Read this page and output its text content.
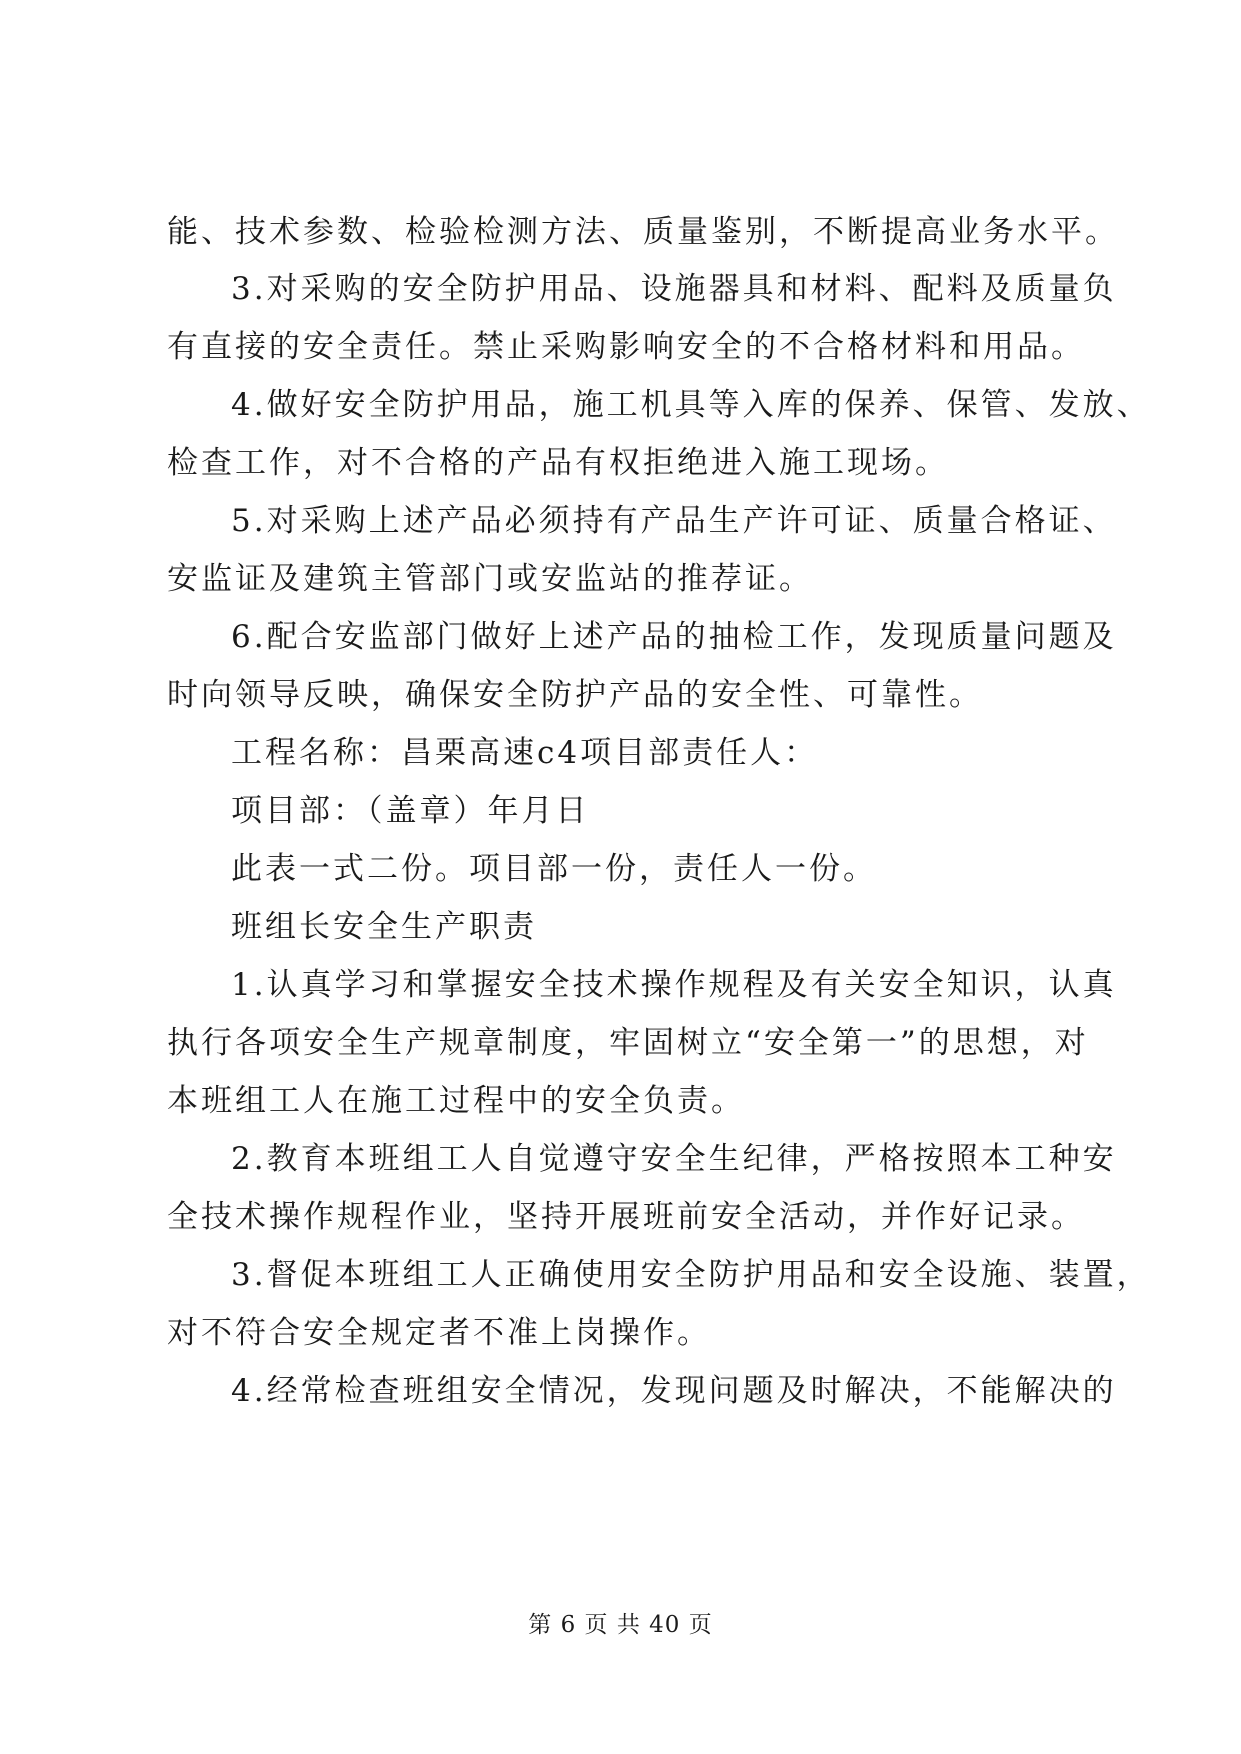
能、技术参数、检验检测方法、质量鉴别，不断提高业务水平。
3.对采购的安全防护用品、设施器具和材料、配料及质量负
有直接的安全责任。禁止采购影响安全的不合格材料和用品。
4.做好安全防护用品，施工机具等入库的保养、保管、发放、
检查工作，对不合格的产品有权拒绝进入施工现场。
5.对采购上述产品必须持有产品生产许可证、质量合格证、
安监证及建筑主管部门或安监站的推荐证。
6.配合安监部门做好上述产品的抽检工作，发现质量问题及
时向领导反映，确保安全防护产品的安全性、可靠性。
工程名称：昌栗高速c4项目部责任人：
项目部：（盖章）年月日
此表一式二份。项目部一份，责任人一份。
班组长安全生产职责
1.认真学习和掌握安全技术操作规程及有关安全知识，认真
执行各项安全生产规章制度，牢固树立“安全第一”的思想，对
本班组工人在施工过程中的安全负责。
2.教育本班组工人自觉遵守安全生纪律，严格按照本工种安
全技术操作规程作业，坚持开展班前安全活动，并作好记录。
3.督促本班组工人正确使用安全防护用品和安全设施、装置，
对不符合安全规定者不准上岗操作。
4.经常检查班组安全情况，发现问题及时解决，不能解决的
第 6 页 共 40 页
